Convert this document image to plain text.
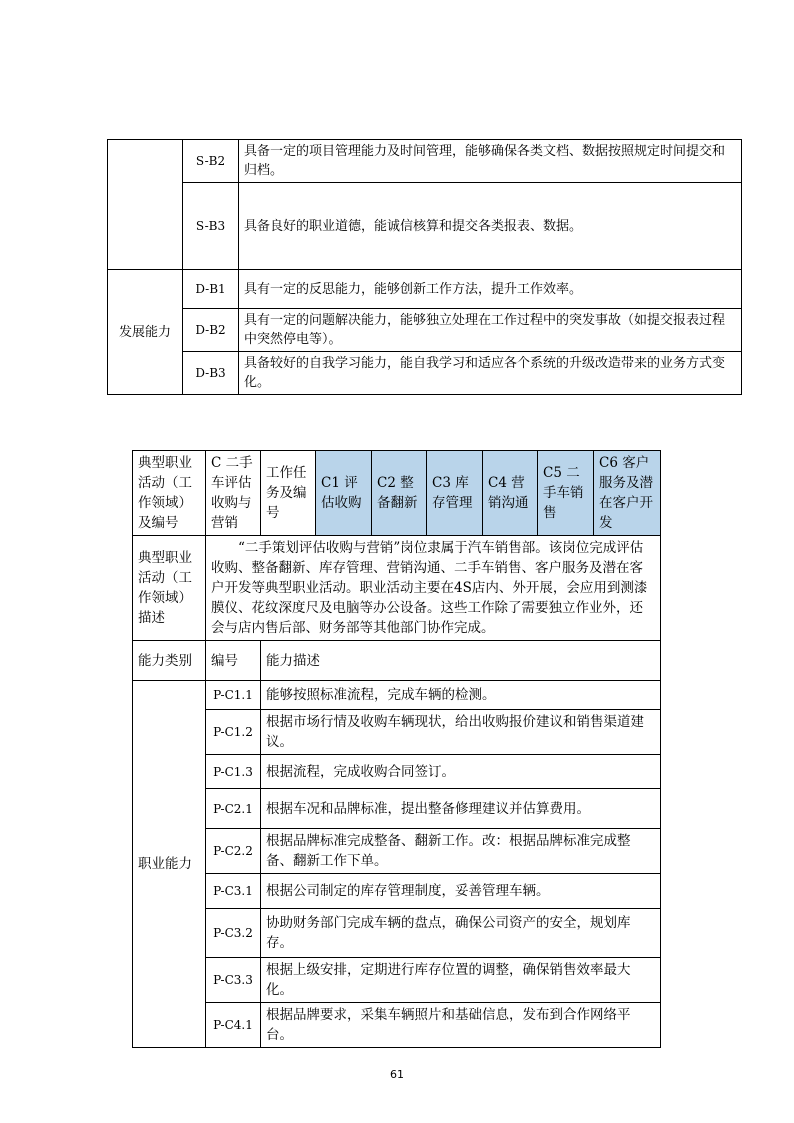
	S-B2	具备一定的项目管理能力及时间管理，能够确保各类文档、数据按照规定时间提交和归档。
	S-B3	具备良好的职业道德，能诚信核算和提交各类报表、数据。
发展能力	D-B1	具有一定的反思能力，能够创新工作方法，提升工作效率。
	D-B2	具有一定的问题解决能力，能够独立处理在工作过程中的突发事故（如提交报表过程中突然停电等）。
	D-B3	具备较好的自我学习能力，能自我学习和适应各个系统的升级改造带来的业务方式变化。
典型职业活动（工作领域）及编号	C 二手车评估收购与营销	工作任务及编号	C1 评估收购	C2 整备翻新	C3 库存管理	C4 营销沟通	C5 二手车销售	C6 客户服务及潜在客户开发
典型职业活动（工作领域）描述	“二手策划评估收购与营销”岗位隶属于汽车销售部。该岗位完成评估收购、整备翻新、库存管理、营销沟通、二手车销售、客户服务及潜在客户开发等典型职业活动。职业活动主要在4S店内、外开展，会应用到测漆膜仪、花纹深度尺及电脑等办公设备。这些工作除了需要独立作业外，还会与店内售后部、财务部等其他部门协作完成。							
能力类别	编号	能力描述						
职业能力	P-C1.1	能够按照标准流程，完成车辆的检测。						
	P-C1.2	根据市场行情及收购车辆现状，给出收购报价建议和销售渠道建议。						
	P-C1.3	根据流程，完成收购合同签订。						
	P-C2.1	根据车况和品牌标准，提出整备修理建议并估算费用。						
	P-C2.2	根据品牌标准完成整备、翻新工作。改：根据品牌标准完成整备、翻新工作下单。						
	P-C3.1	根据公司制定的库存管理制度，妥善管理车辆。						
	P-C3.2	协助财务部门完成车辆的盘点，确保公司资产的安全，规划库存。						
	P-C3.3	根据上级安排，定期进行库存位置的调整，确保销售效率最大化。						
	P-C4.1	根据品牌要求，采集车辆照片和基础信息，发布到合作网络平台。						
61
